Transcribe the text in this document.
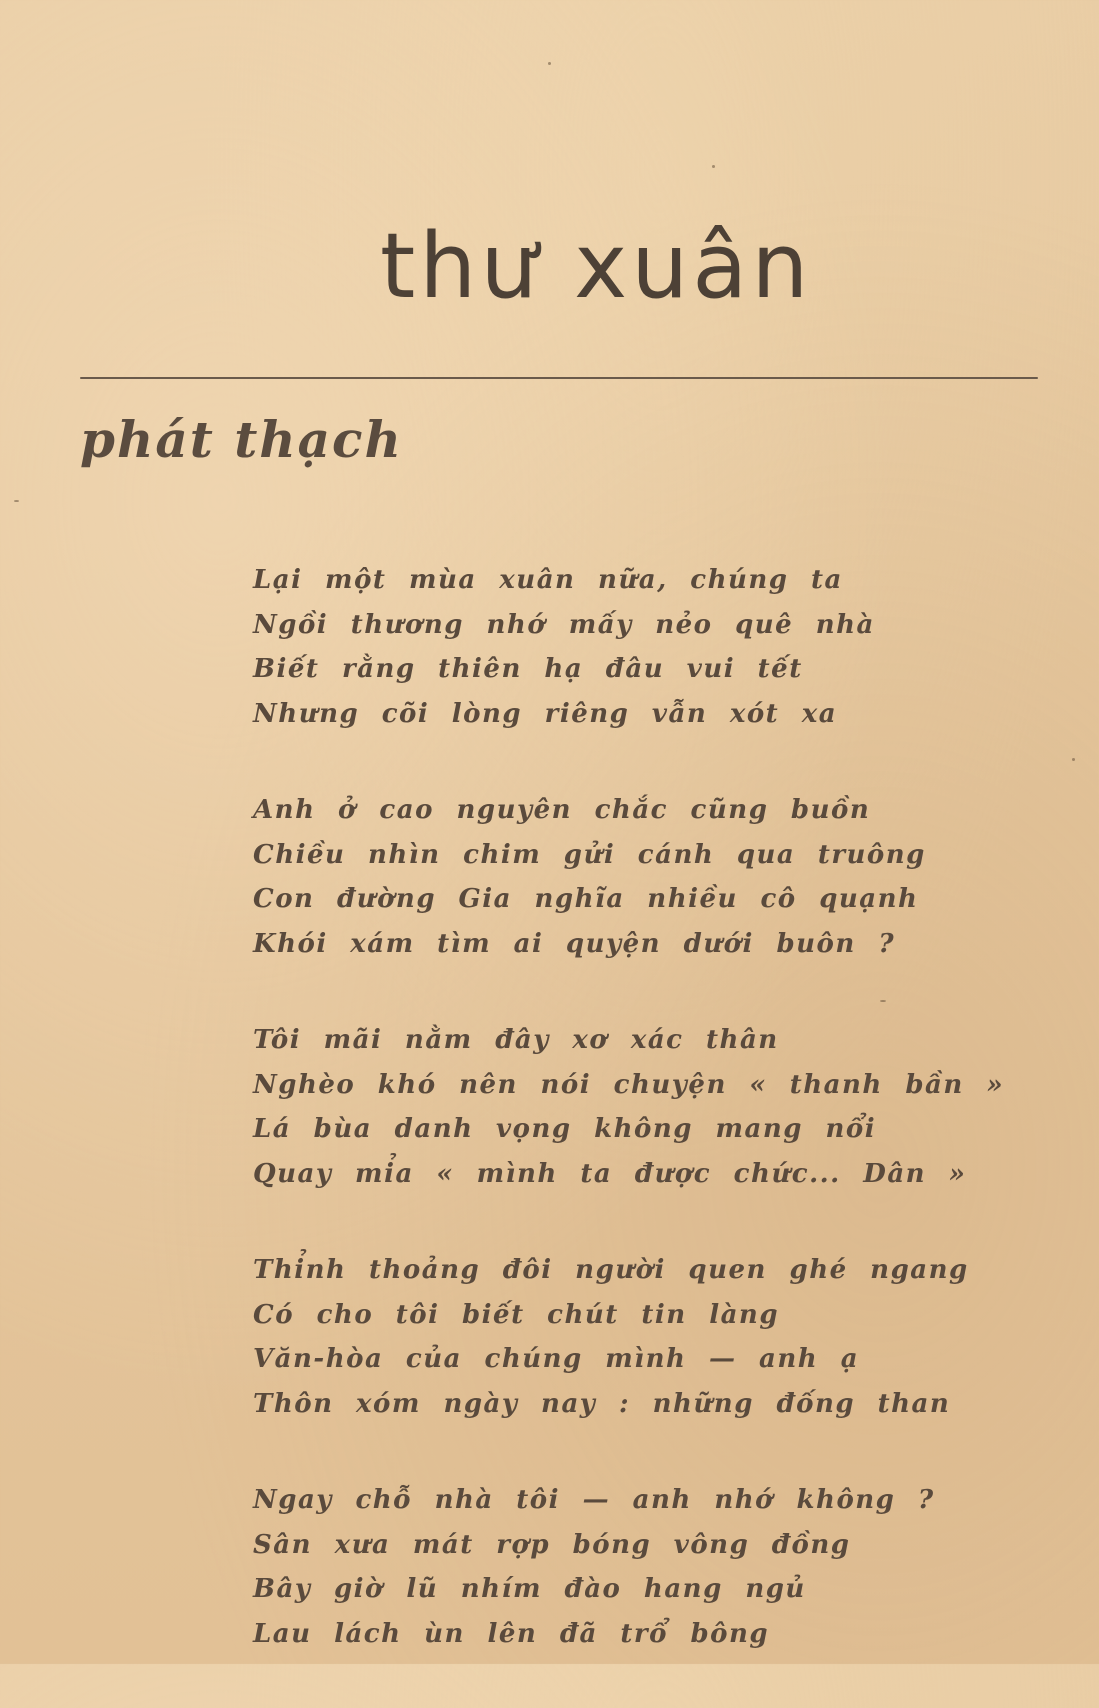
thư xuân
phát thạch
Lại một mùa xuân nữa, chúng ta
Ngồi thương nhớ mấy nẻo quê nhà
Biết rằng thiên hạ đâu vui tết
Nhưng cõi lòng riêng vẫn xót xa
Anh ở cao nguyên chắc cũng buồn
Chiều nhìn chim gửi cánh qua truông
Con đường Gia nghĩa nhiều cô quạnh
Khói xám tìm ai quyện dưới buôn ?
Tôi mãi nằm đây xơ xác thân
Nghèo khó nên nói chuyện « thanh bần »
Lá bùa danh vọng không mang nổi
Quay mỉa « mình ta được chức... Dân »
Thỉnh thoảng đôi người quen ghé ngang
Có cho tôi biết chút tin làng
Văn-hòa của chúng mình — anh ạ
Thôn xóm ngày nay : những đống than
Ngay chỗ nhà tôi — anh nhớ không ?
Sân xưa mát rợp bóng vông đồng
Bây giờ lũ nhím đào hang ngủ
Lau lách ùn lên đã trổ bông
